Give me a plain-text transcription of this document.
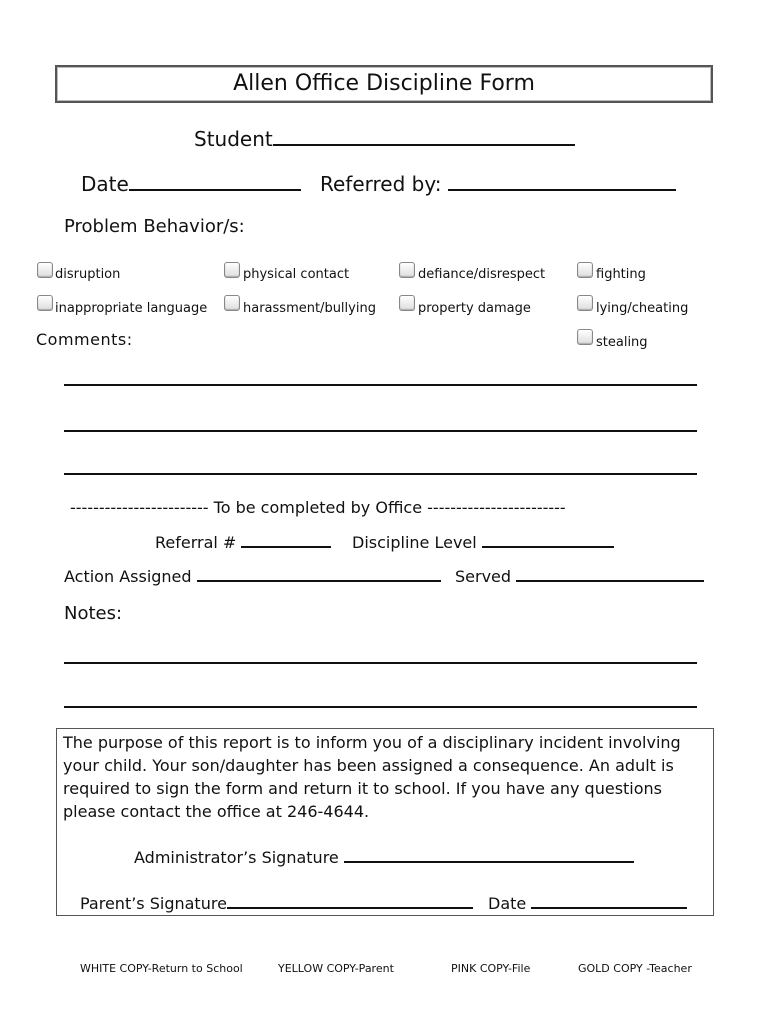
Allen Office Discipline Form
Student
Date	Referred by:
Problem Behavior/s:
disruption	physical contact	defiance/disrespect	fighting
inappropriate language	harassment/bullying	property damage	lying/cheating
Comments:	stealing
------------------------ To be completed by Office ------------------------
Referral #	Discipline Level
Action Assigned	Served
Notes:
The purpose of this report is to inform you of a disciplinary incident involving your child. Your son/daughter has been assigned a consequence. An adult is required to sign the form and return it to school. If you have any questions please contact the office at 246-4644.
Administrator’s Signature
Parent’s Signature	Date
WHITE COPY-Return to School	YELLOW COPY-Parent	PINK COPY-File	GOLD COPY -Teacher
